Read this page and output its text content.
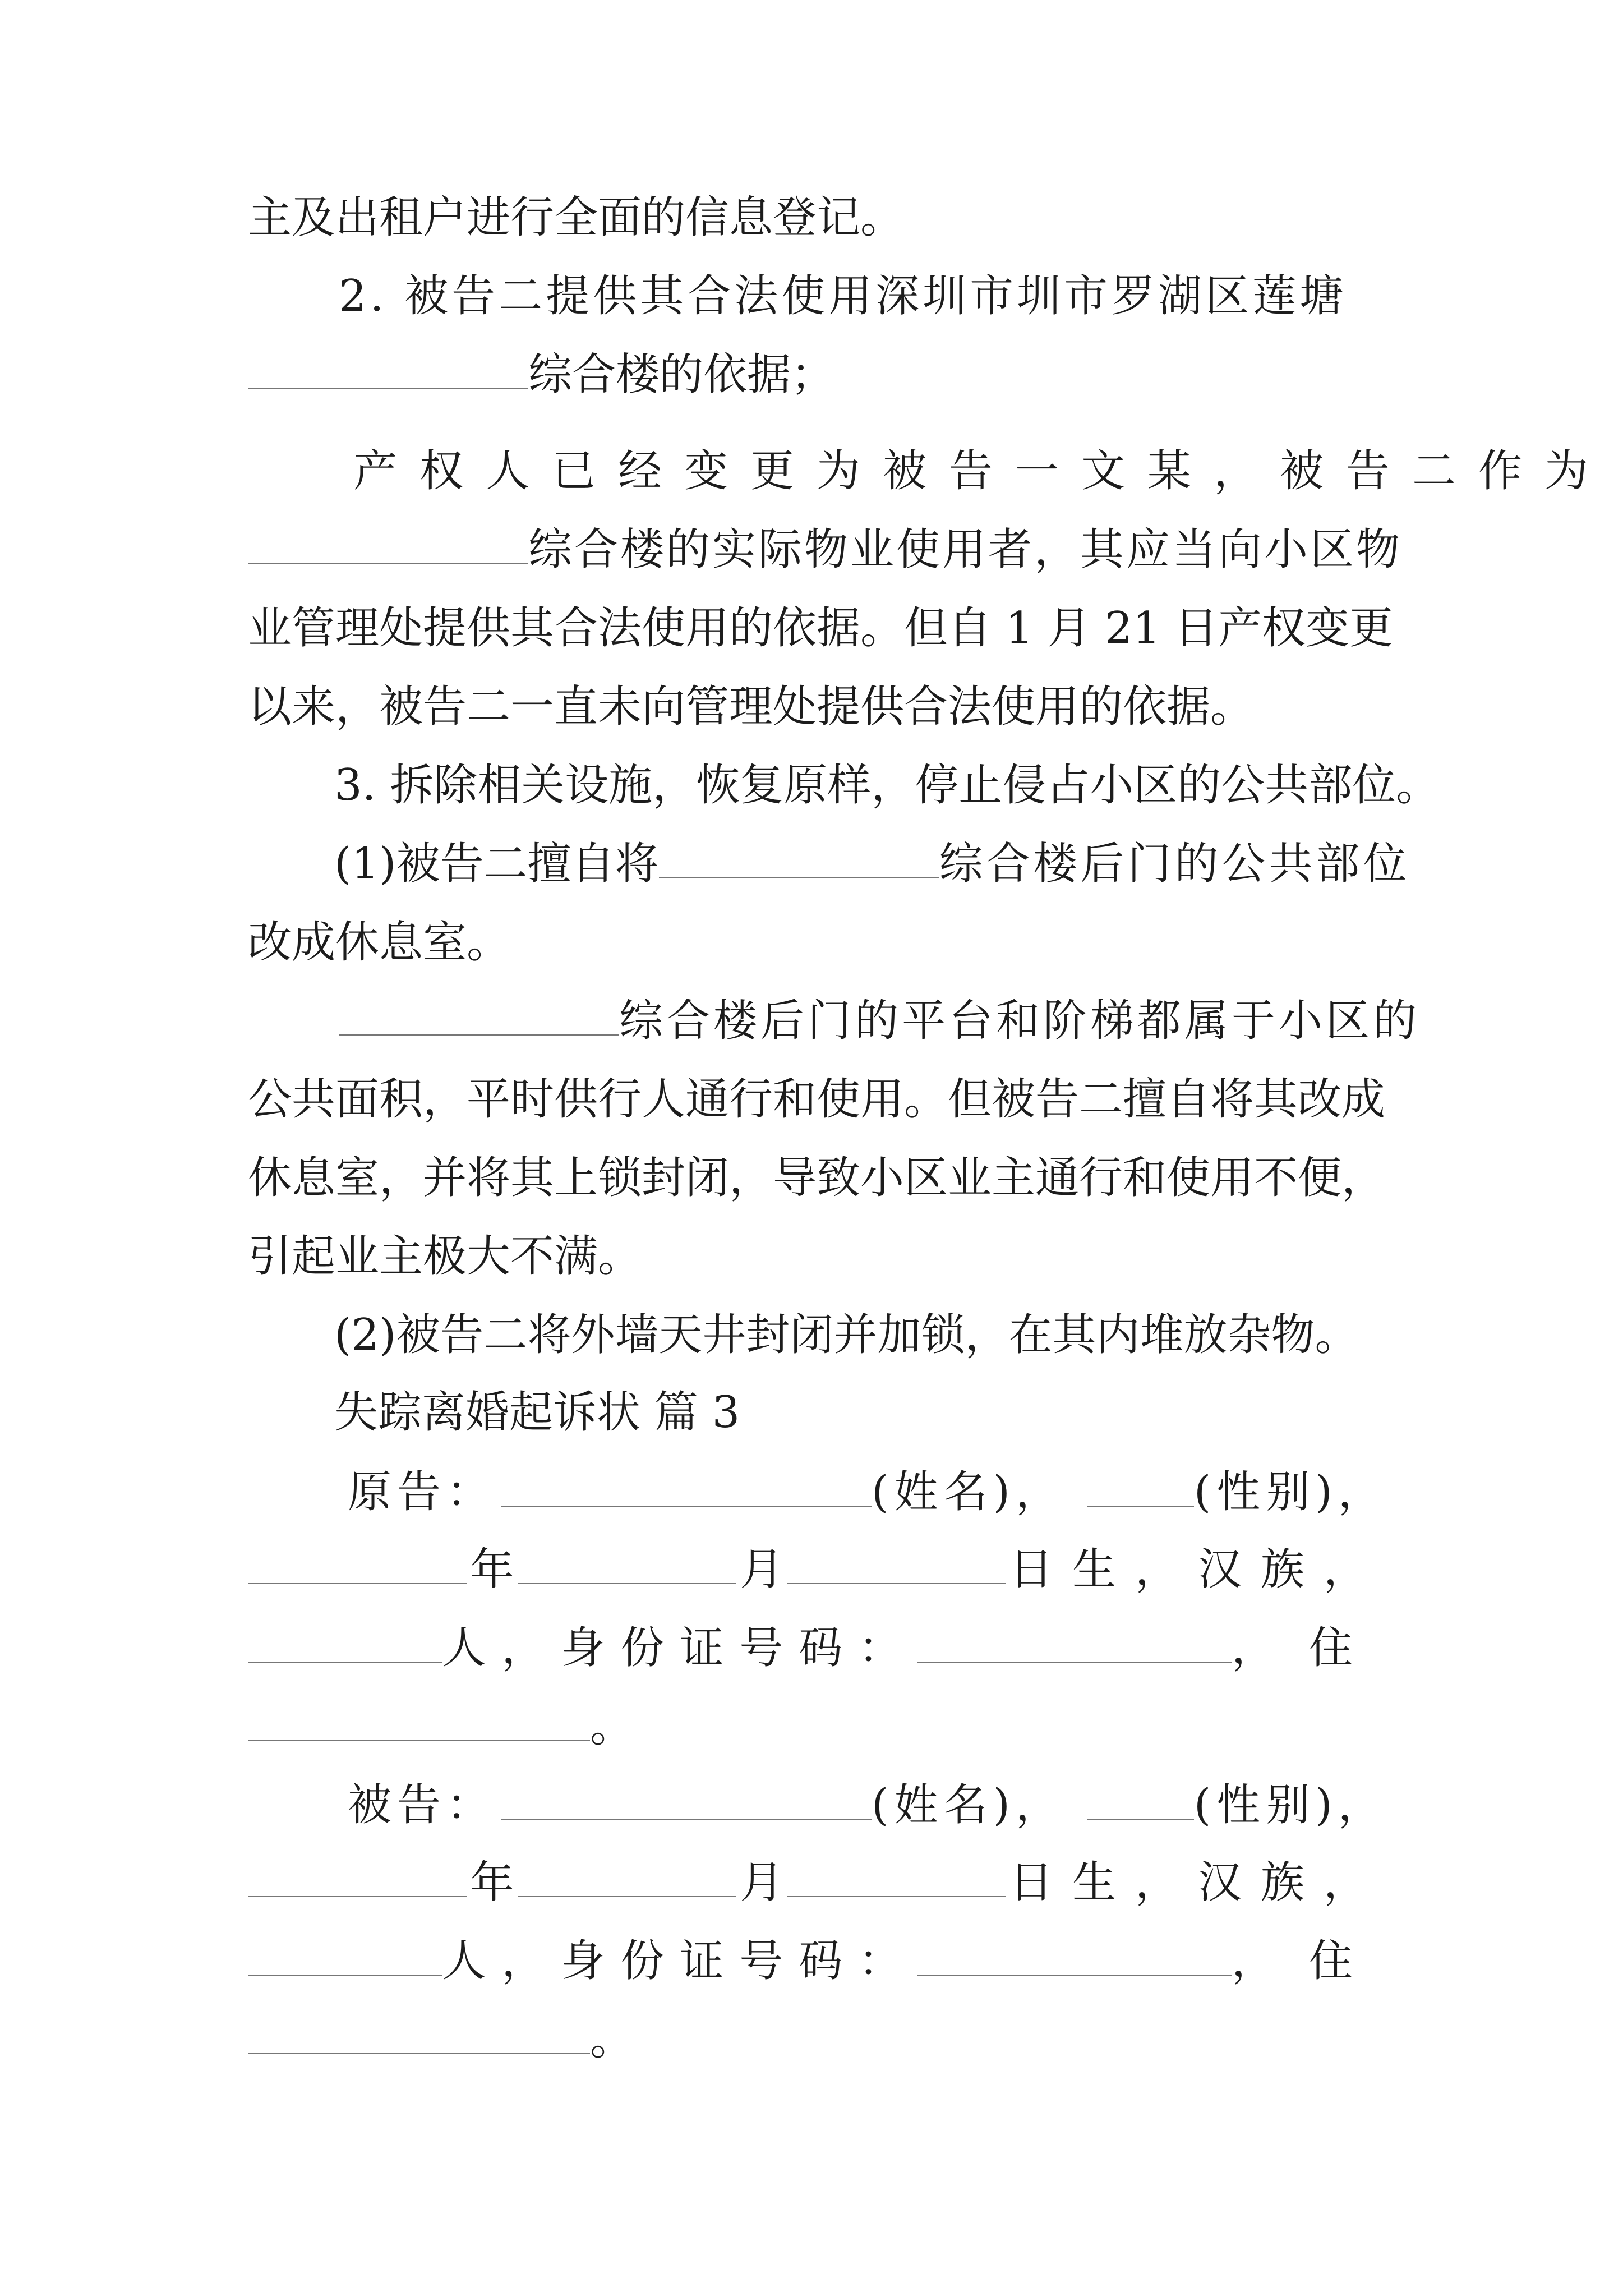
主及出租户进行全面的信息登记。
2. 被告二提供其合法使用深圳市圳市罗湖区莲塘
综合楼的依据；
产权人已经变更为被告一文某，被告二作为
综合楼的实际物业使用者，其应当向小区物
业管理处提供其合法使用的依据。但自 1 月 21 日产权变更
以来，被告二一直未向管理处提供合法使用的依据。
3. 拆除相关设施，恢复原样，停止侵占小区的公共部位。
(1)被告二擅自将	综合楼后门的公共部位
改成休息室。
综合楼后门的平台和阶梯都属于小区的
公共面积，平时供行人通行和使用。但被告二擅自将其改成
休息室，并将其上锁封闭，导致小区业主通行和使用不便，
引起业主极大不满。
(2)被告二将外墙天井封闭并加锁，在其内堆放杂物。
失踪离婚起诉状 篇 3
原告：	(姓名)，	(性别)，
年	月	日生，汉族，
人，身份证号码：	，住
。
被告：	(姓名)，	(性别)，
年	月	日生，汉族，
人，身份证号码：	，住
。
